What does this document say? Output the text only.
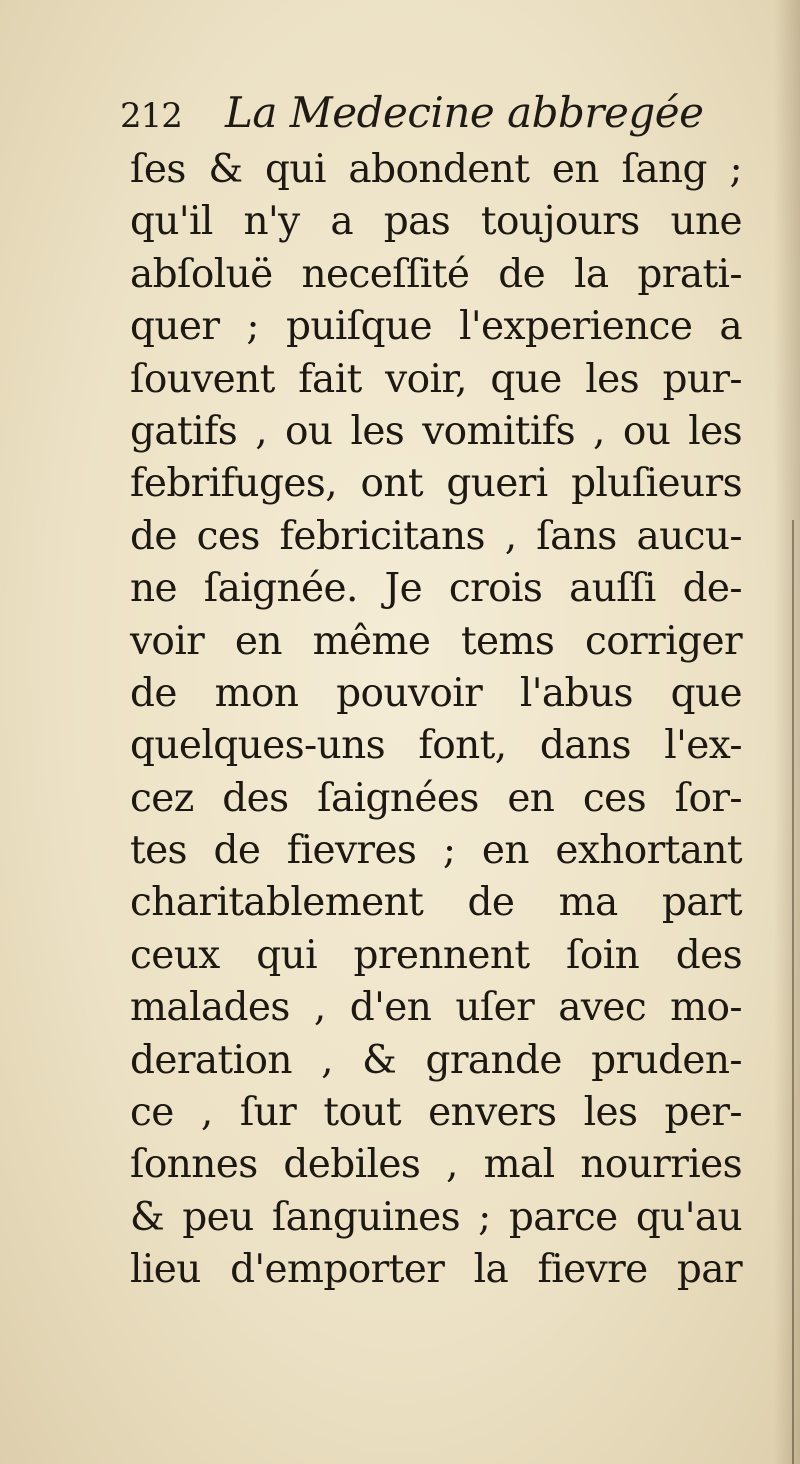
212 La Medecine abbregée
ſes & qui abondent en ſang ;
qu'il n'y a pas toujours une
abſoluë neceſſité de la prati-
quer ; puiſque l'experience a
ſouvent fait voir, que les pur-
gatifs , ou les vomitifs , ou les
febrifuges, ont gueri pluſieurs
de ces febricitans , ſans aucu-
ne ſaignée. Je crois auſſi de-
voir en même tems corriger
de mon pouvoir l'abus que
quelques-uns font, dans l'ex-
cez des ſaignées en ces ſor-
tes de fievres ; en exhortant
charitablement de ma part
ceux qui prennent ſoin des
malades , d'en uſer avec mo-
deration , & grande pruden-
ce , ſur tout envers les per-
ſonnes debiles , mal nourries
& peu ſanguines ; parce qu'au
lieu d'emporter la fievre par
